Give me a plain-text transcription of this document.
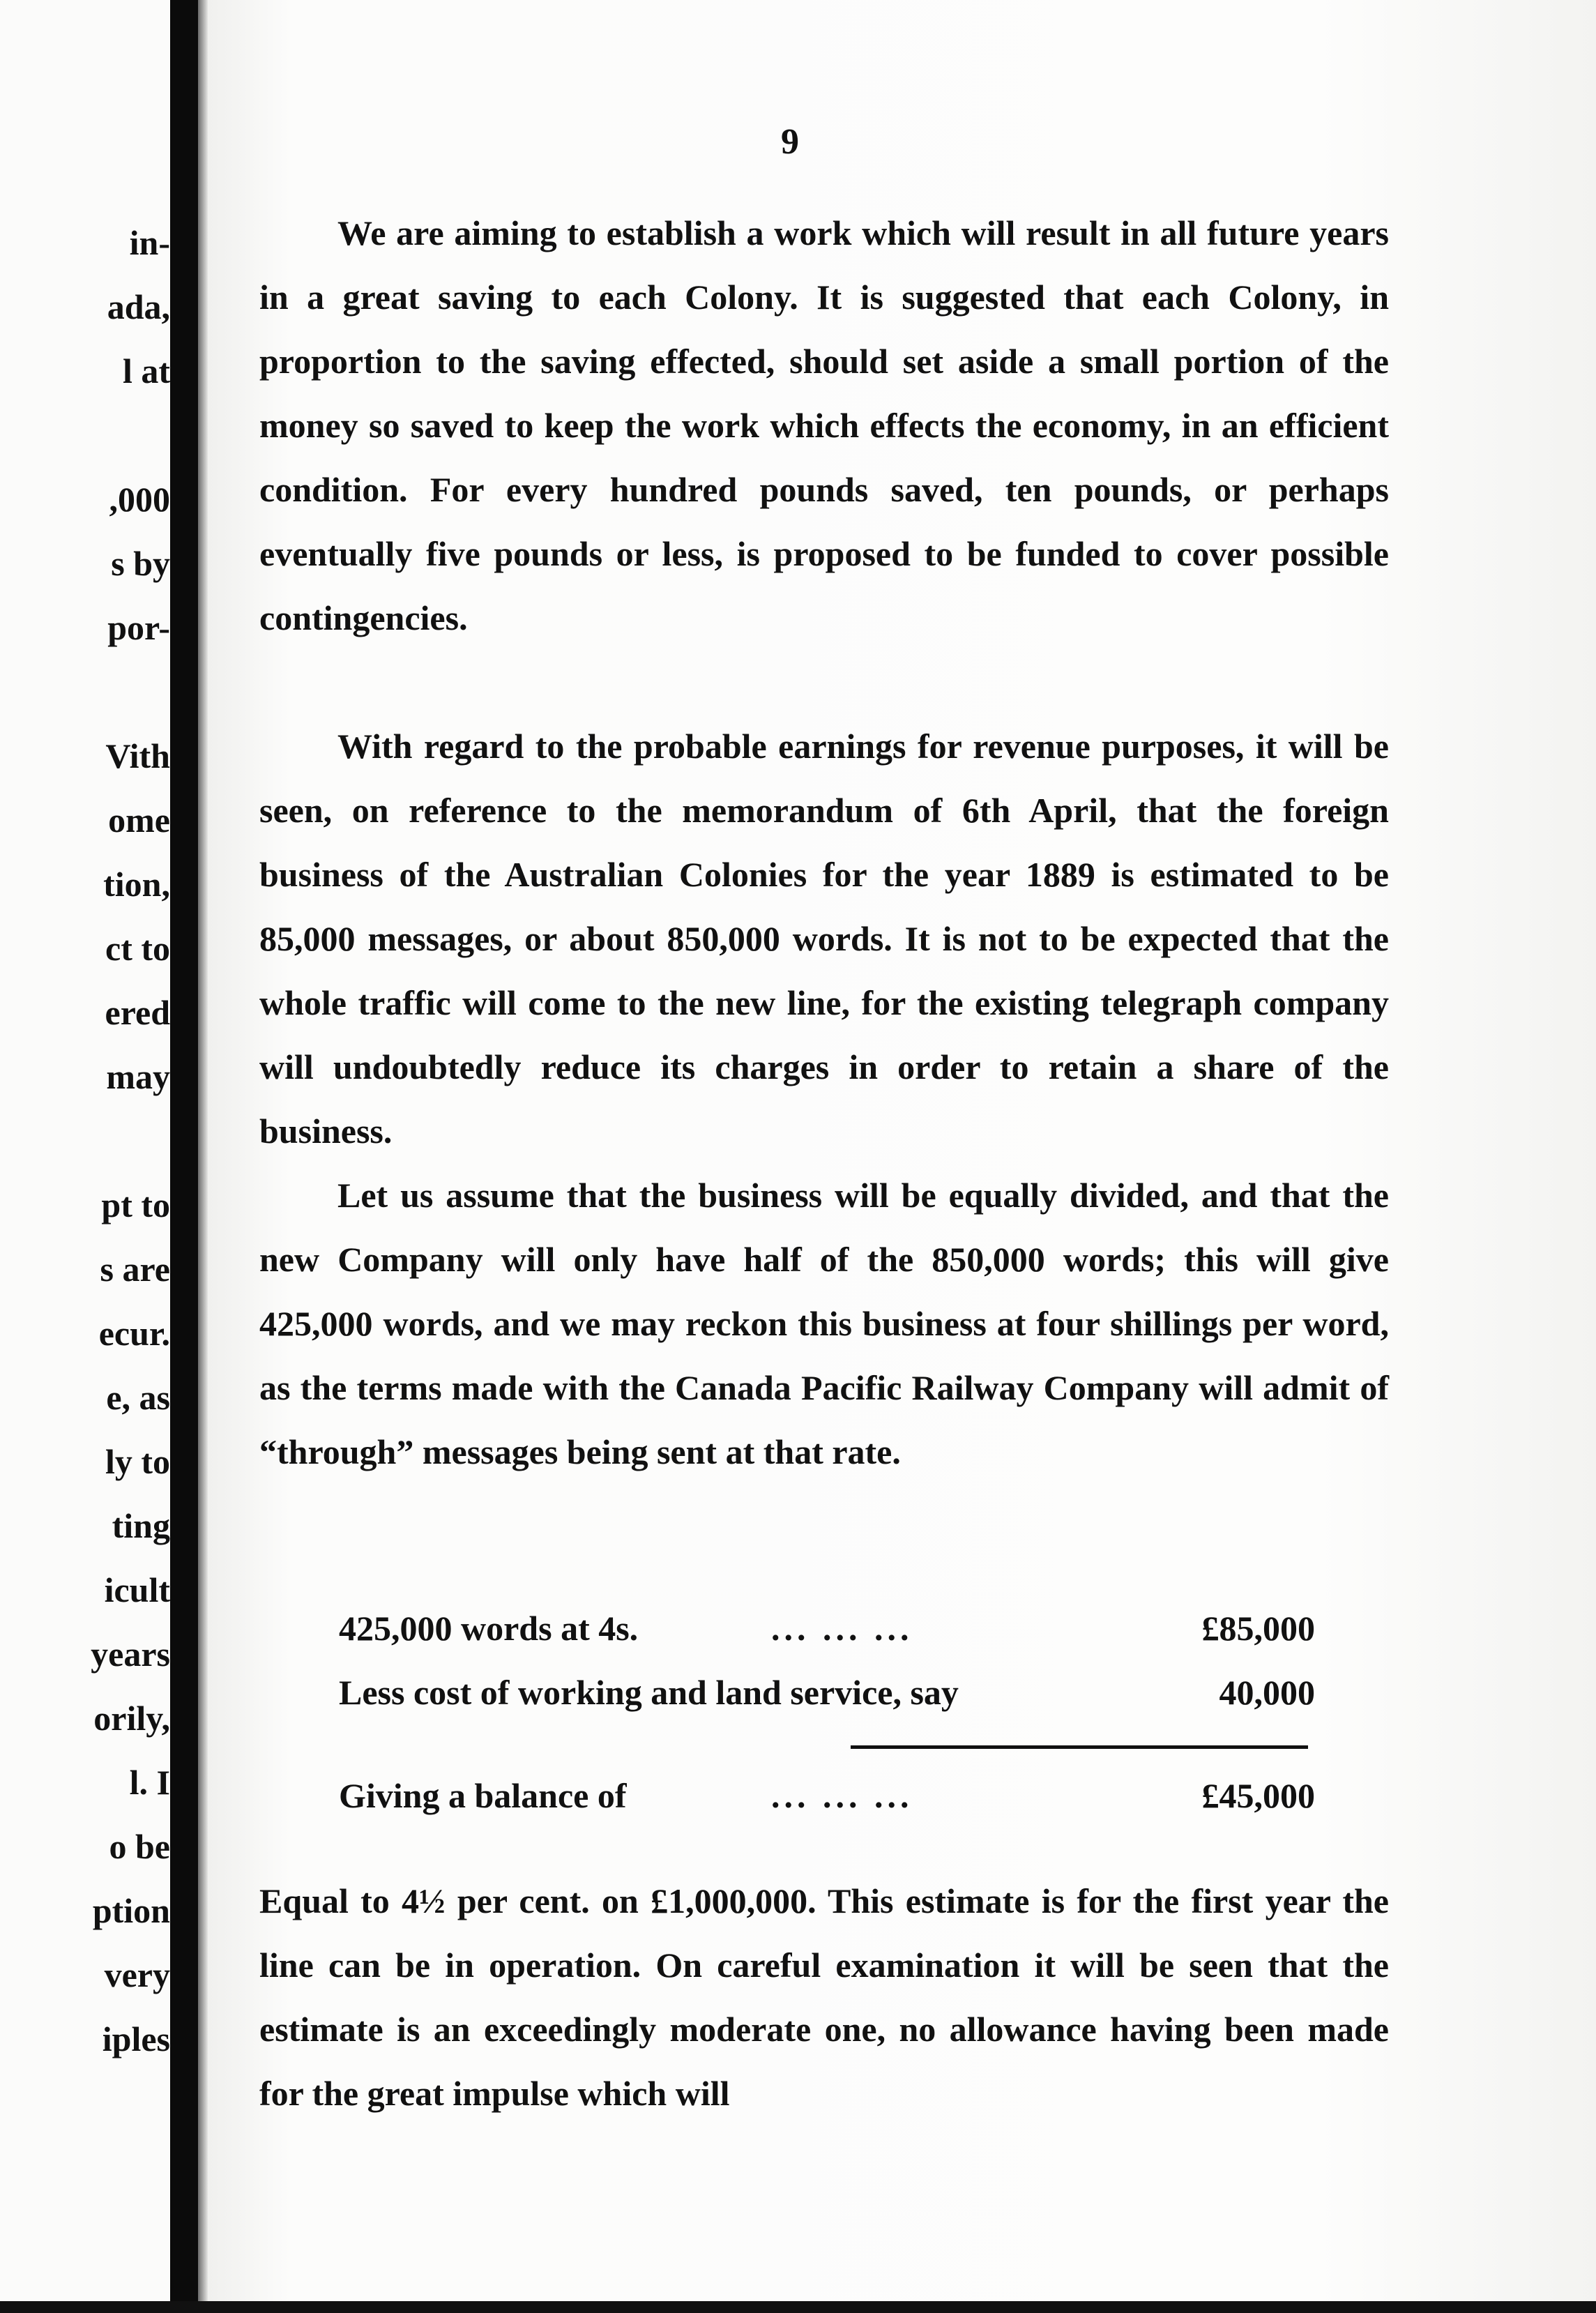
in-

ada,

l at

,000

s by

por-

Vith

ome

tion,

ct to

ered

may

pt to

s are

ecur.

e, as

ly to

ting

icult

years

orily,

l. I

o be

ption

very

iples

9

We are aiming to establish a work which will result in all future years in a great saving to each Colony. It is suggested that each Colony, in proportion to the saving effected, should set aside a small portion of the money so saved to keep the work which effects the economy, in an efficient condition. For every hundred pounds saved, ten pounds, or perhaps eventually five pounds or less, is proposed to be funded to cover possible contingencies.

With regard to the probable earnings for revenue purposes, it will be seen, on reference to the memorandum of 6th April, that the foreign business of the Australian Colonies for the year 1889 is estimated to be 85,000 messages, or about 850,000 words. It is not to be expected that the whole traffic will come to the new line, for the existing telegraph company will undoubtedly reduce its charges in order to retain a share of the business.

Let us assume that the business will be equally divided, and that the new Company will only have half of the 850,000 words; this will give 425,000 words, and we may reckon this business at four shillings per word, as the terms made with the Canada Pacific Railway Company will admit of “through” messages being sent at that rate.

425,000 words at 4s.	... ... ...	£85,000
Less cost of working and land service, say	40,000
Giving a balance of	... ... ...	£45,000

Equal to 4½ per cent. on £1,000,000. This estimate is for the first year the line can be in operation. On careful examination it will be seen that the estimate is an exceedingly moderate one, no allowance having been made for the great impulse which will
